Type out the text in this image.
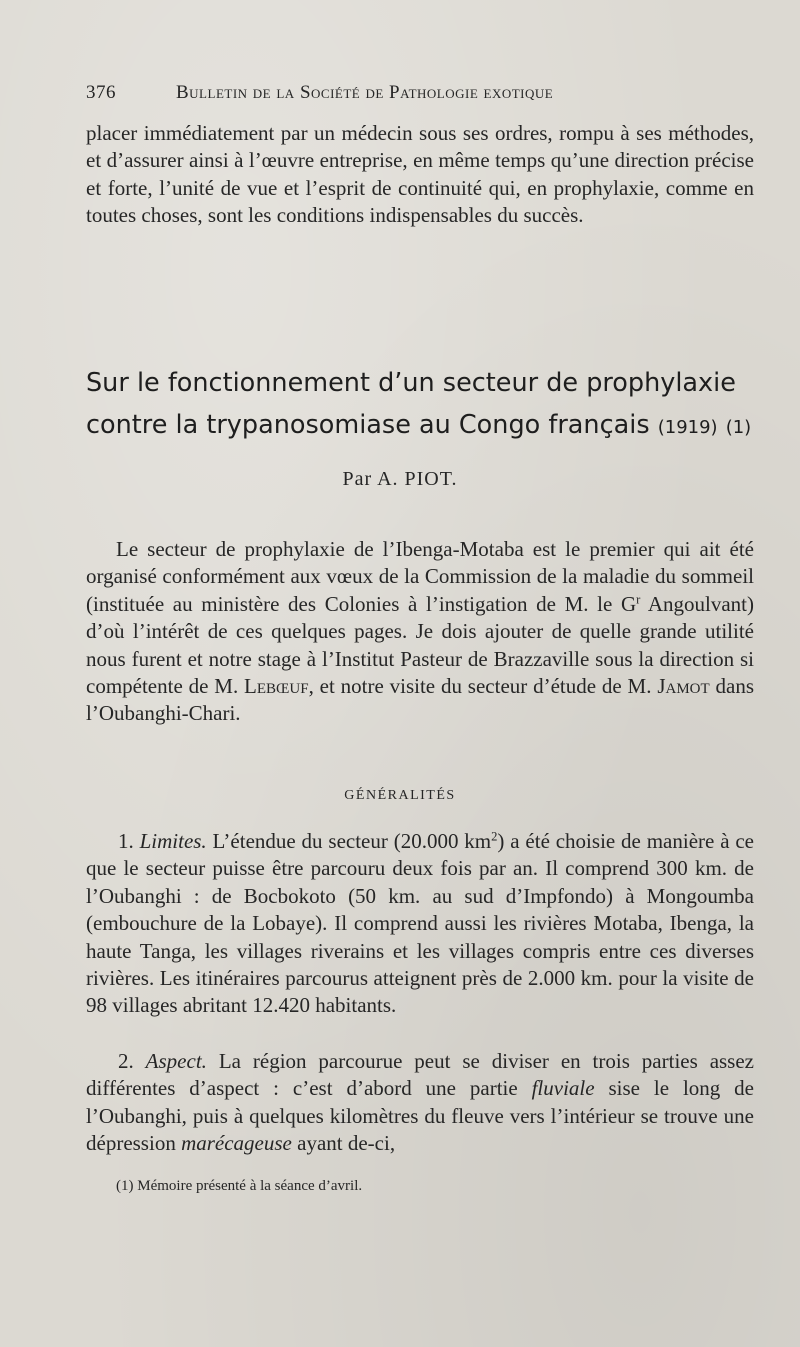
376	Bulletin de la Société de Pathologie exotique
placer immédiatement par un médecin sous ses ordres, rompu à ses méthodes, et d’assurer ainsi à l’œuvre entreprise, en même temps qu’une direction précise et forte, l’unité de vue et l’esprit de continuité qui, en prophylaxie, comme en toutes choses, sont les conditions indispensables du succès.
Sur le fonctionnement d’un secteur de prophylaxie
contre la trypanosomiase au Congo français (1919) (1)
Par A. PIOT.
Le secteur de prophylaxie de l’Ibenga-Motaba est le premier qui ait été organisé conformément aux vœux de la Commission de la maladie du sommeil (instituée au ministère des Colonies à l’instigation de M. le $G^r$ Angoulvant) d’où l’intérêt de ces quelques pages. Je dois ajouter de quelle grande utilité nous furent et notre stage à l’Institut Pasteur de Brazzaville sous la direction si compétente de M. Lebœuf, et notre visite du secteur d’étude de M. Jamot dans l’Oubanghi-Chari.
GÉNÉRALITÉS
1. Limites. L’étendue du secteur (20.000 $km^2$) a été choisie de manière à ce que le secteur puisse être parcouru deux fois par an. Il comprend 300 km. de l’Oubanghi : de Bocbokoto (50 km. au sud d’Impfondo) à Mongoumba (embouchure de la Lobaye). Il comprend aussi les rivières Motaba, Ibenga, la haute Tanga, les villages riverains et les villages compris entre ces diverses rivières. Les itinéraires parcourus atteignent près de 2.000 km. pour la visite de 98 villages abritant 12.420 habitants.
2. Aspect. La région parcourue peut se diviser en trois parties assez différentes d’aspect : c’est d’abord une partie fluviale sise le long de l’Oubanghi, puis à quelques kilomètres du fleuve vers l’intérieur se trouve une dépression marécageuse ayant de-ci,
(1) Mémoire présenté à la séance d’avril.
